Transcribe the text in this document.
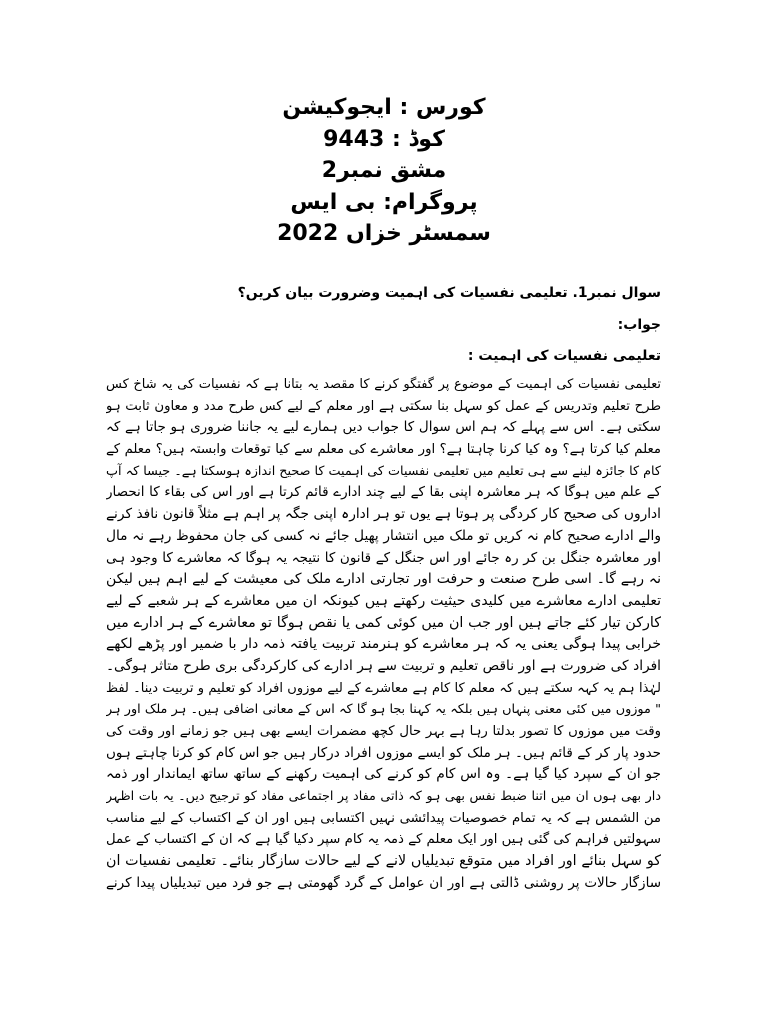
کورس : ایجوکیشن
کوڈ : 9443
مشق نمبر2
پروگرام: بی ایس
2022 سمسٹر خزاں
سوال نمبر1. تعلیمی نفسیات کی اہمیت وضرورت بیان کریں؟
جواب:
تعلیمی نفسیات کی اہمیت :
تعلیمی نفسیات کی اہمیت کے موضوع پر گفتگو کرنے کا مقصد یہ بتانا ہے کہ نفسیات کی یہ شاخ کس
طرح تعلیم وتدریس کے عمل کو سہل بنا سکتی ہے اور معلم کے لیے کس طرح مدد و معاون ثابت ہو
سکتی ہے۔ اس سے پہلے کہ ہم اس سوال کا جواب دیں ہمارے لیے یہ جاننا ضروری ہو جاتا ہے کہ
معلم کیا کرتا ہے؟ وہ کیا کرنا چاہتا ہے؟ اور معاشرے کی معلم سے کیا توقعات وابستہ ہیں؟ معلم کے
کام کا جائزہ لینے سے ہی تعلیم میں تعلیمی نفسیات کی اہمیت کا صحیح اندازہ ہوسکتا ہے۔ جیسا کہ آپ
کے علم میں ہوگا کہ ہر معاشرہ اپنی بقا کے لیے چند ادارے قائم کرتا ہے اور اس کی بقاء کا انحصار
اداروں کی صحیح کار کردگی پر ہوتا ہے یوں تو ہر ادارہ اپنی جگہ پر اہم ہے مثلاً قانون نافذ کرنے
والے ادارے صحیح کام نہ کریں تو ملک میں انتشار پھیل جائے نہ کسی کی جان محفوظ رہے نہ مال
اور معاشرہ جنگل بن کر رہ جائے اور اس جنگل کے قانون کا نتیجہ یہ ہوگا کہ معاشرے کا وجود ہی
نہ رہے گا۔ اسی طرح صنعت و حرفت اور تجارتی ادارے ملک کی معیشت کے لیے اہم ہیں لیکن
تعلیمی ادارے معاشرے میں کلیدی حیثیت رکھتے ہیں کیونکہ ان میں معاشرے کے ہر شعبے کے لیے
کارکن تیار کئے جاتے ہیں اور جب ان میں کوئی کمی یا نقص ہوگا تو معاشرے کے ہر ادارے میں
خرابی پیدا ہوگی یعنی یہ کہ ہر معاشرے کو ہنرمند تربیت یافتہ ذمہ دار با ضمیر اور پڑھے لکھے
افراد کی ضرورت ہے اور ناقص تعلیم و تربیت سے ہر ادارے کی کارکردگی بری طرح متاثر ہوگی۔
لہٰذا ہم یہ کہہ سکتے ہیں کہ معلم کا کام ہے معاشرے کے لیے موزوں افراد کو تعلیم و تربیت دینا۔ لفظ
" موزوں میں کئی معنی پنہاں ہیں بلکہ یہ کہنا بجا ہو گا کہ اس کے معانی اضافی ہیں۔ ہر ملک اور ہر
وقت میں موزوں کا تصور بدلتا رہا ہے بہر حال کچھ مضمرات ایسے بھی ہیں جو زمانے اور وقت کی
حدود پار کر کے قائم ہیں۔ ہر ملک کو ایسے موزوں افراد درکار ہیں جو اس کام کو کرنا چاہتے ہوں
جو ان کے سپرد کیا گیا ہے۔ وہ اس کام کو کرنے کی اہمیت رکھنے کے ساتھ ساتھ ایماندار اور ذمہ
دار بھی ہوں ان میں اتنا ضبط نفس بھی ہو کہ ذاتی مفاد پر اجتماعی مفاد کو ترجیح دیں۔ یہ بات اظہر
من الشمس ہے کہ یہ تمام خصوصیات پیدائشی نہیں اکتسابی ہیں اور ان کے اکتساب کے لیے مناسب
سہولتیں فراہم کی گئی ہیں اور ایک معلم کے ذمہ یہ کام سپر دکیا گیا ہے کہ ان کے اکتساب کے عمل
کو سہل بنائے اور افراد میں متوقع تبدیلیاں لانے کے لیے حالات سازگار بنائے۔ تعلیمی نفسیات ان
سازگار حالات پر روشنی ڈالتی ہے اور ان عوامل کے گرد گھومتی ہے جو فرد میں تبدیلیاں پیدا کرنے
